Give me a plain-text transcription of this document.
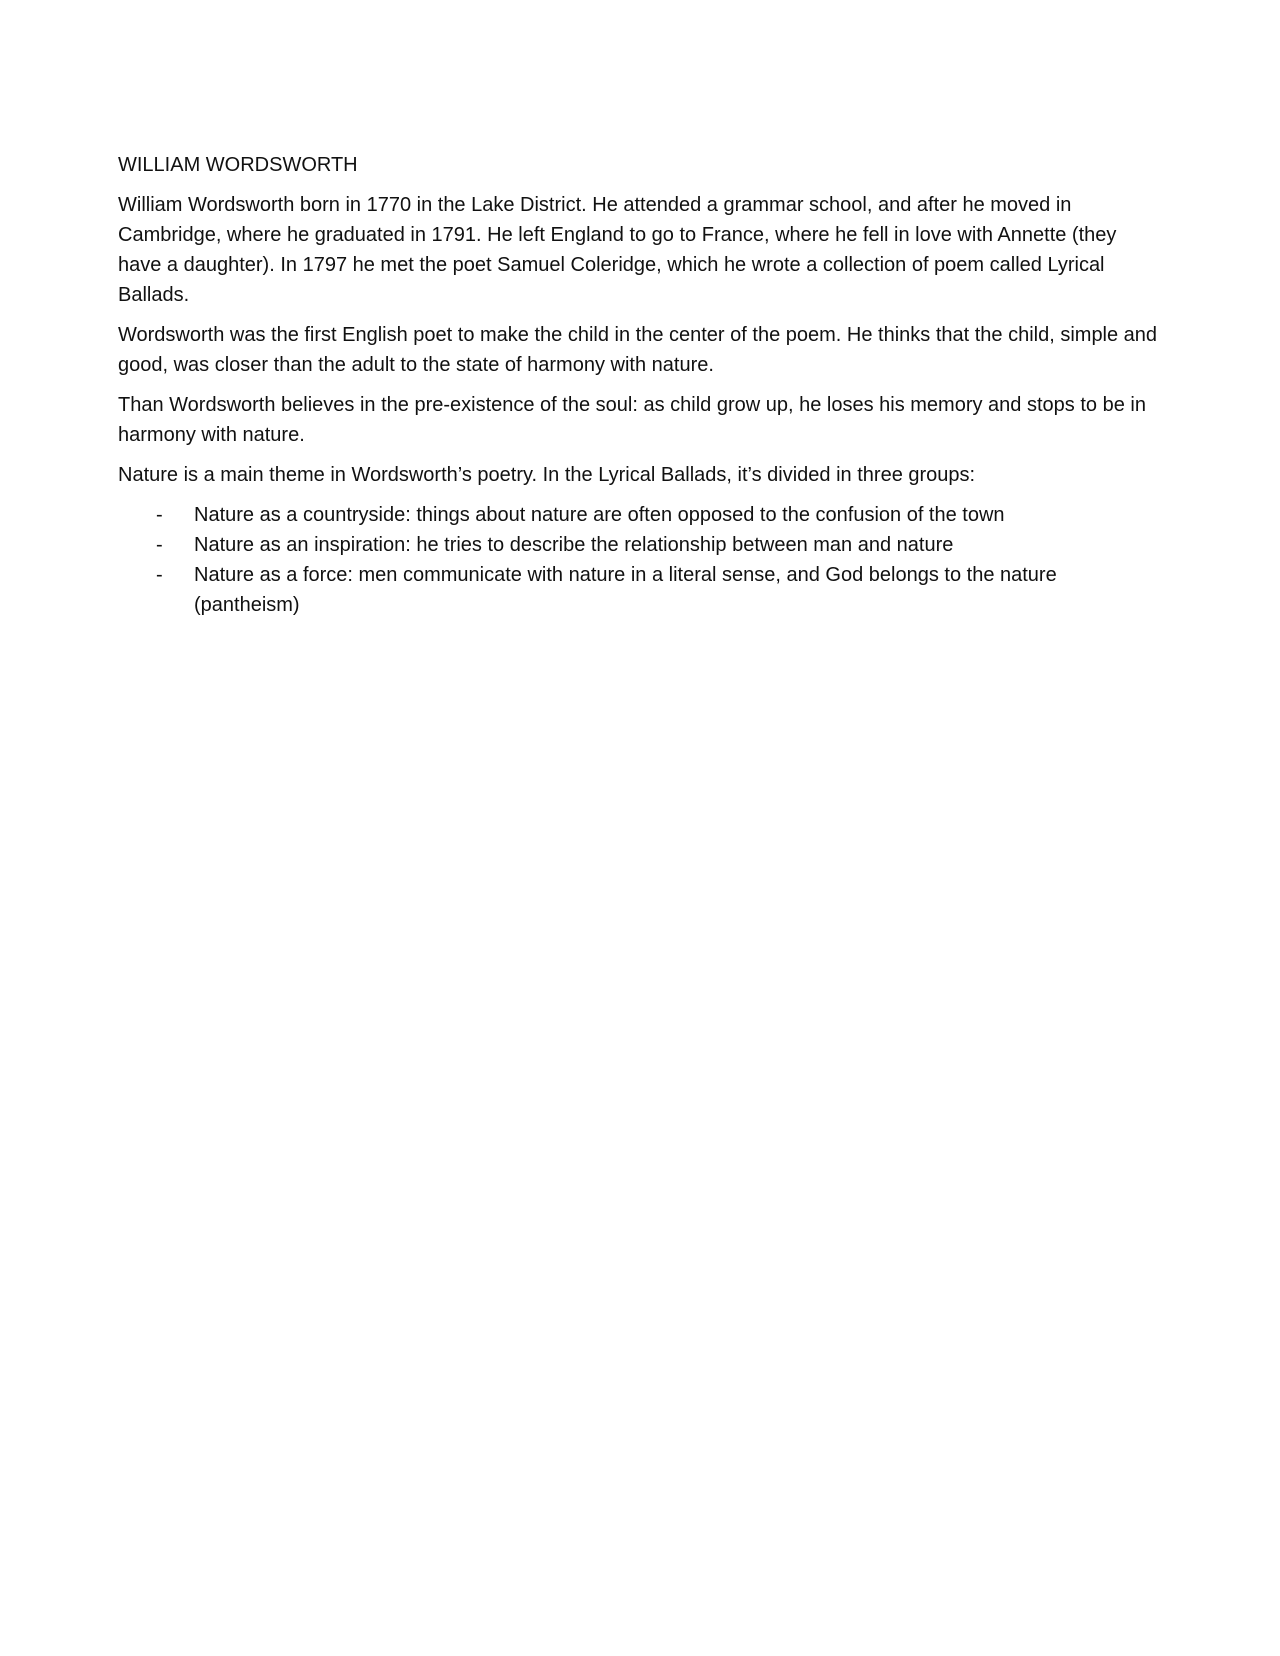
WILLIAM WORDSWORTH

William Wordsworth born in 1770 in the Lake District. He attended a grammar school, and after he moved in Cambridge, where he graduated in 1791. He left England to go to France, where he fell in love with Annette (they have a daughter). In 1797 he met the poet Samuel Coleridge, which he wrote a collection of poem called Lyrical Ballads.

Wordsworth was the first English poet to make the child in the center of the poem. He thinks that the child, simple and good, was closer than the adult to the state of harmony with nature.

Than Wordsworth believes in the pre-existence of the soul: as child grow up, he loses his memory and stops to be in harmony with nature.

Nature is a main theme in Wordsworth’s poetry. In the Lyrical Ballads, it’s divided in three groups:

- Nature as a countryside: things about nature are often opposed to the confusion of the town
- Nature as an inspiration: he tries to describe the relationship between man and nature
- Nature as a force: men communicate with nature in a literal sense, and God belongs to the nature (pantheism)
